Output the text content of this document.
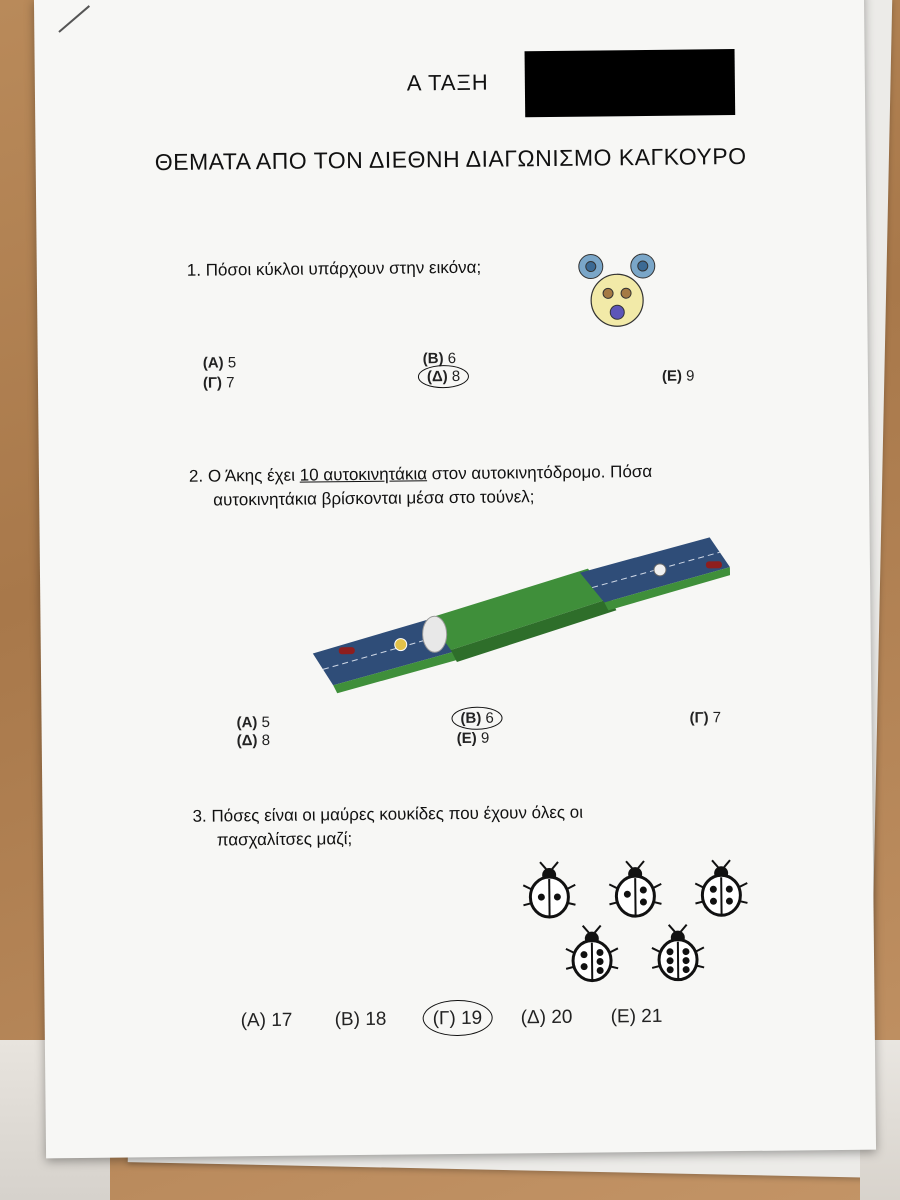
Α ΤΑΞΗ
ΘΕΜΑΤΑ ΑΠΟ ΤΟΝ ΔΙΕΘΝΗ ΔΙΑΓΩΝΙΣΜΟ ΚΑΓΚΟΥΡΟ
1. Πόσοι κύκλοι υπάρχουν στην εικόνα;
(Α) 5
(Γ) 7
(Β) 6
(Δ) 8	(Ε) 9
2. Ο Άκης έχει 10 αυτοκινητάκια στον αυτοκινητόδρομο. Πόσα
αυτοκινητάκια βρίσκονται μέσα στο τούνελ;
(Α) 5
(Δ) 8
(Β) 6
(Ε) 9
(Γ) 7
3. Πόσες είναι οι μαύρες κουκίδες που έχουν όλες οι
πασχαλίτσες μαζί;
(Α) 17 (Β) 18 (Γ) 19 (Δ) 20 (Ε) 21
